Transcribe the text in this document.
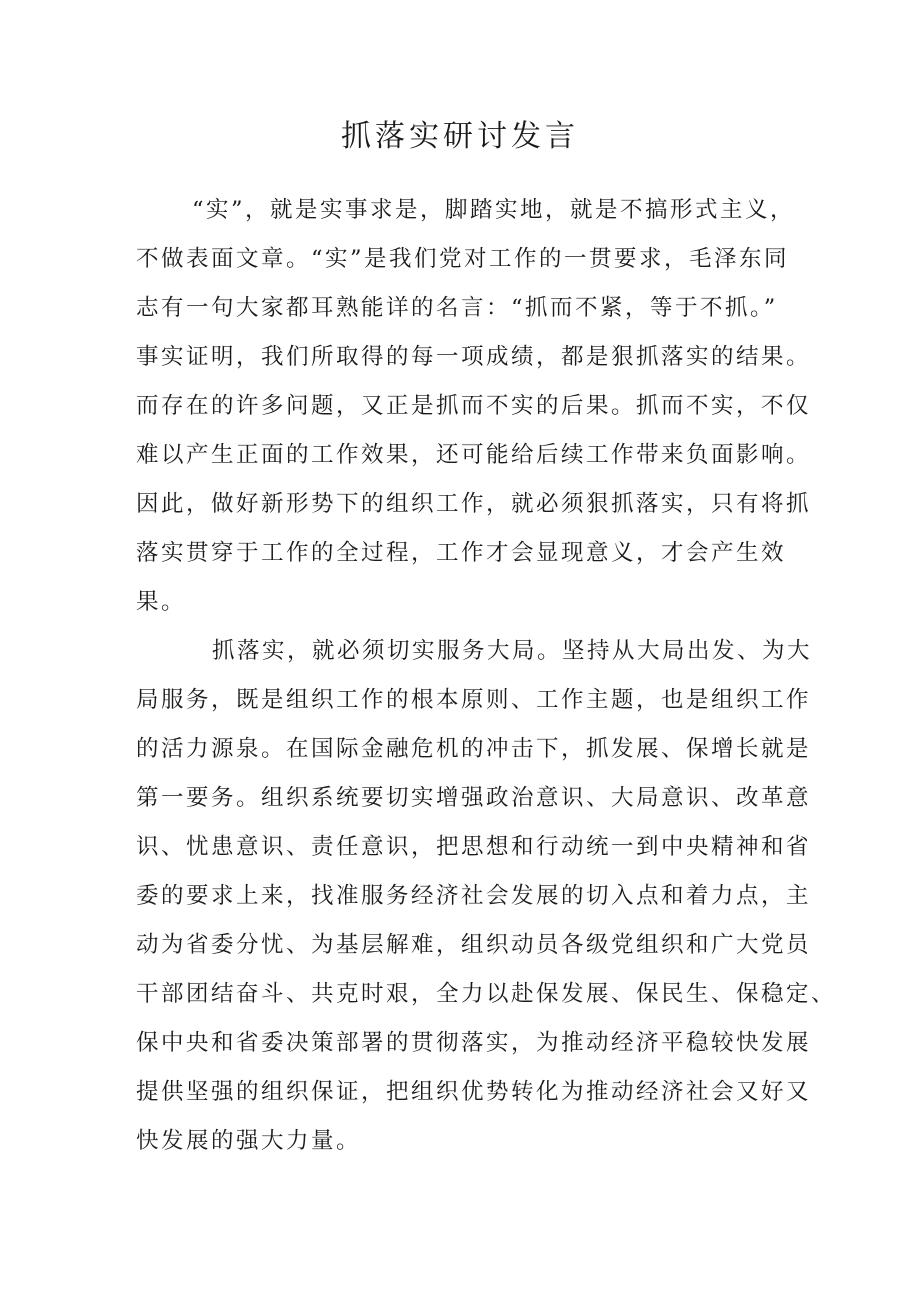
抓落实研讨发言

“实”，就是实事求是，脚踏实地，就是不搞形式主义，

不做表面文章。“实”是我们党对工作的一贯要求，毛泽东同

志有一句大家都耳熟能详的名言：“抓而不紧，等于不抓。”

事实证明，我们所取得的每一项成绩，都是狠抓落实的结果。

而存在的许多问题，又正是抓而不实的后果。抓而不实，不仅

难以产生正面的工作效果，还可能给后续工作带来负面影响。

因此，做好新形势下的组织工作，就必须狠抓落实，只有将抓

落实贯穿于工作的全过程，工作才会显现意义，才会产生效

果。

抓落实，就必须切实服务大局。坚持从大局出发、为大

局服务，既是组织工作的根本原则、工作主题，也是组织工作

的活力源泉。在国际金融危机的冲击下，抓发展、保增长就是

第一要务。组织系统要切实增强政治意识、大局意识、改革意

识、忧患意识、责任意识，把思想和行动统一到中央精神和省

委的要求上来，找准服务经济社会发展的切入点和着力点，主

动为省委分忧、为基层解难，组织动员各级党组织和广大党员

干部团结奋斗、共克时艰，全力以赴保发展、保民生、保稳定、

保中央和省委决策部署的贯彻落实，为推动经济平稳较快发展

提供坚强的组织保证，把组织优势转化为推动经济社会又好又

快发展的强大力量。
